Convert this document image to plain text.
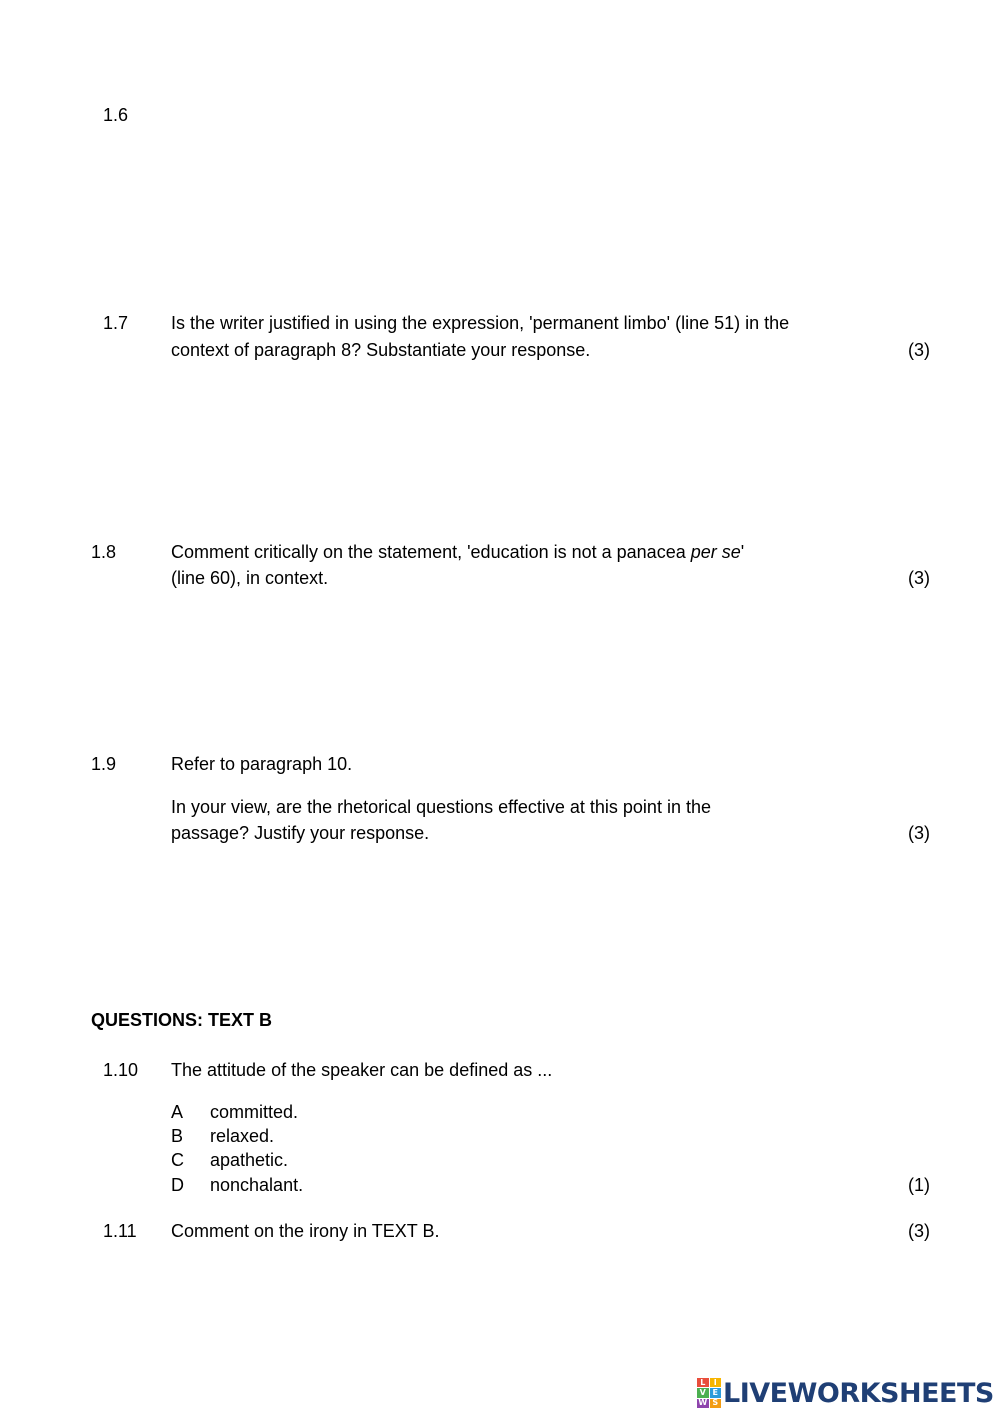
1.6
1.7 Is the writer justified in using the expression, 'permanent limbo' (line 51) in the
context of paragraph 8? Substantiate your response.	(3)
1.8	Comment critically on the statement, 'education is not a panacea per se'
(line 60), in context.	(3)
1.9	Refer to paragraph 10.
In your view, are the rhetorical questions effective at this point in the
passage? Justify your response.	(3)
QUESTIONS: TEXT B
1.10 The attitude of the speaker can be defined as ...
A committed.
B relaxed.
C apathetic.
D nonchalant.	(1)
1.11 Comment on the irony in TEXT B.	(3)
L	I
V E
W S LIVEWORKSHEETS
